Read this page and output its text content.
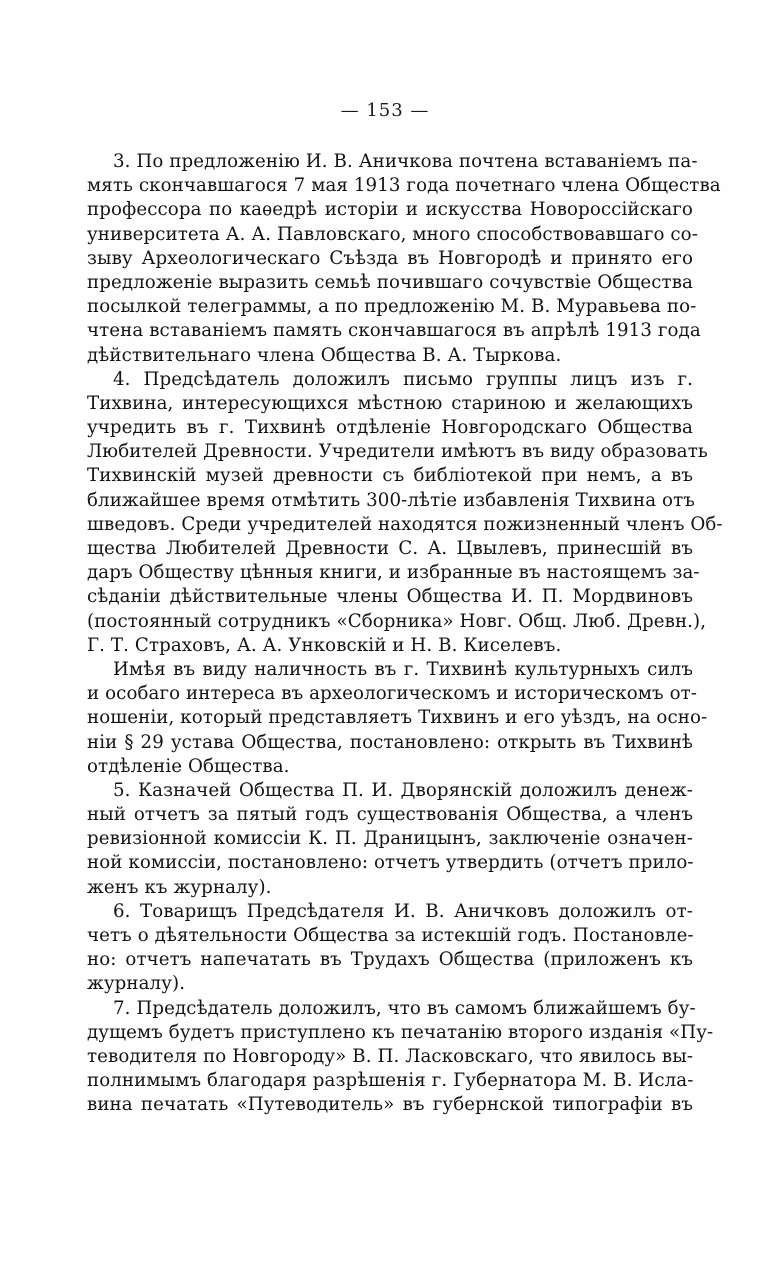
— 153 —
3. По предложенію И. В. Аничкова почтена вставаніемъ па-
мять скончавшагося 7 мая 1913 года почетнаго члена Общества
профессора по каѳедрѣ исторіи и искусства Новороссійскаго
университета А. А. Павловскаго, много способствовавшаго со-
зыву Археологическаго Съѣзда въ Новгородѣ и принято его
предложеніе выразить семьѣ почившаго сочувствіе Общества
посылкой телеграммы, а по предложенію М. В. Муравьева по-
чтена вставаніемъ память скончавшагося въ апрѣлѣ 1913 года
дѣйствительнаго члена Общества В. А. Тыркова.
4. Предсѣдатель доложилъ письмо группы лицъ изъ г.
Тихвина, интересующихся мѣстною стариною и желающихъ
учредить въ г. Тихвинѣ отдѣленіе Новгородскаго Общества
Любителей Древности. Учредители имѣютъ въ виду образовать
Тихвинскій музей древности съ библіотекой при немъ, а въ
ближайшее время отмѣтить 300-лѣтіе избавленія Тихвина отъ
шведовъ. Среди учредителей находятся пожизненный членъ Об-
щества Любителей Древности С. А. Цвылевъ, принесшій въ
даръ Обществу цѣнныя книги, и избранные въ настоящемъ за-
сѣданіи дѣйствительные члены Общества И. П. Мордвиновъ
(постоянный сотрудникъ «Сборника» Новг. Общ. Люб. Древн.),
Г. Т. Страховъ, А. А. Унковскій и Н. В. Киселевъ.
Имѣя въ виду наличность въ г. Тихвинѣ культурныхъ силъ
и особаго интереса въ археологическомъ и историческомъ от-
ношеніи, который представляетъ Тихвинъ и его уѣздъ, на осно-
ніи § 29 устава Общества, постановлено: открыть въ Тихвинѣ
отдѣленіе Общества.
5. Казначей Общества П. И. Дворянскій доложилъ денеж-
ный отчетъ за пятый годъ существованія Общества, а членъ
ревизіонной комиссіи К. П. Драницынъ, заключеніе означен-
ной комиссіи, постановлено: отчетъ утвердить (отчетъ прило-
женъ къ журналу).
6. Товарищъ Предсѣдателя И. В. Аничковъ доложилъ от-
четъ о дѣятельности Общества за истекшій годъ. Постановле-
но: отчетъ напечатать въ Трудахъ Общества (приложенъ къ
журналу).
7. Предсѣдатель доложилъ, что въ самомъ ближайшемъ бу-
дущемъ будетъ приступлено къ печатанію второго изданія «Пу-
теводителя по Новгороду» В. П. Ласковскаго, что явилось вы-
полнимымъ благодаря разрѣшенія г. Губернатора М. В. Исла-
вина печатать «Путеводитель» въ губернской типографіи въ
